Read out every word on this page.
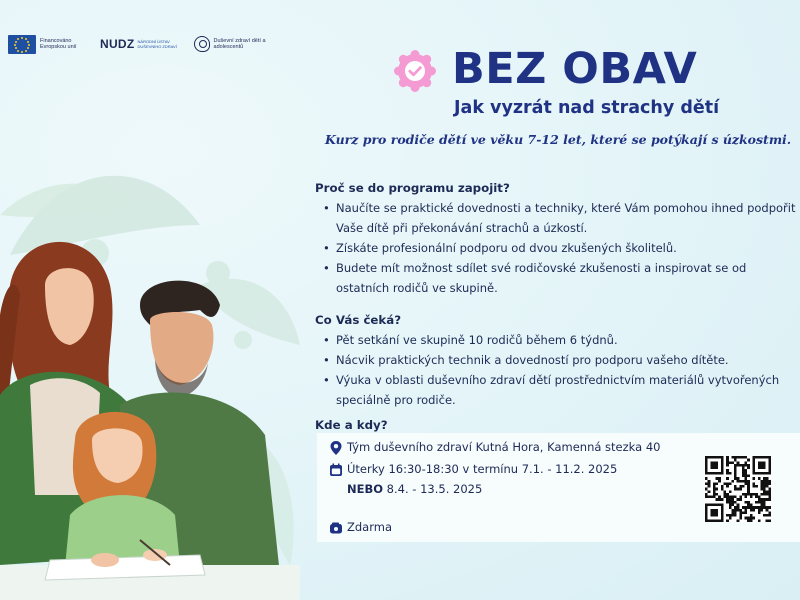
Financováno Evropskou unií	NUDZ NÁRODNÍ ÚSTAV DUŠEVNÍHO ZDRAVÍ
Duševní zdraví dětí a adolescentů	BEZ OBAV
Jak vyzrát nad strachy dětí
Kurz pro rodiče dětí ve věku 7-12 let, které se potýkají s úzkostmi.
Proč se do programu zapojit?
• Naučíte se praktické dovednosti a techniky, které Vám pomohou ihned podpořit Vaše dítě při překonávání strachů a úzkostí.
• Získáte profesionální podporu od dvou zkušených školitelů.
• Budete mít možnost sdílet své rodičovské zkušenosti a inspirovat se od ostatních rodičů ve skupině.
Co Vás čeká?
• Pět setkání ve skupině 10 rodičů během 6 týdnů.
• Nácvik praktických technik a dovedností pro podporu vašeho dítěte.
• Výuka v oblasti duševního zdraví dětí prostřednictvím materiálů vytvořených speciálně pro rodiče.
Kde a kdy?
Tým duševního zdraví Kutná Hora, Kamenná stezka 40
Úterky 16:30-18:30 v termínu 7.1. - 11.2. 2025
NEBO 8.4. - 13.5. 2025
Zdarma
